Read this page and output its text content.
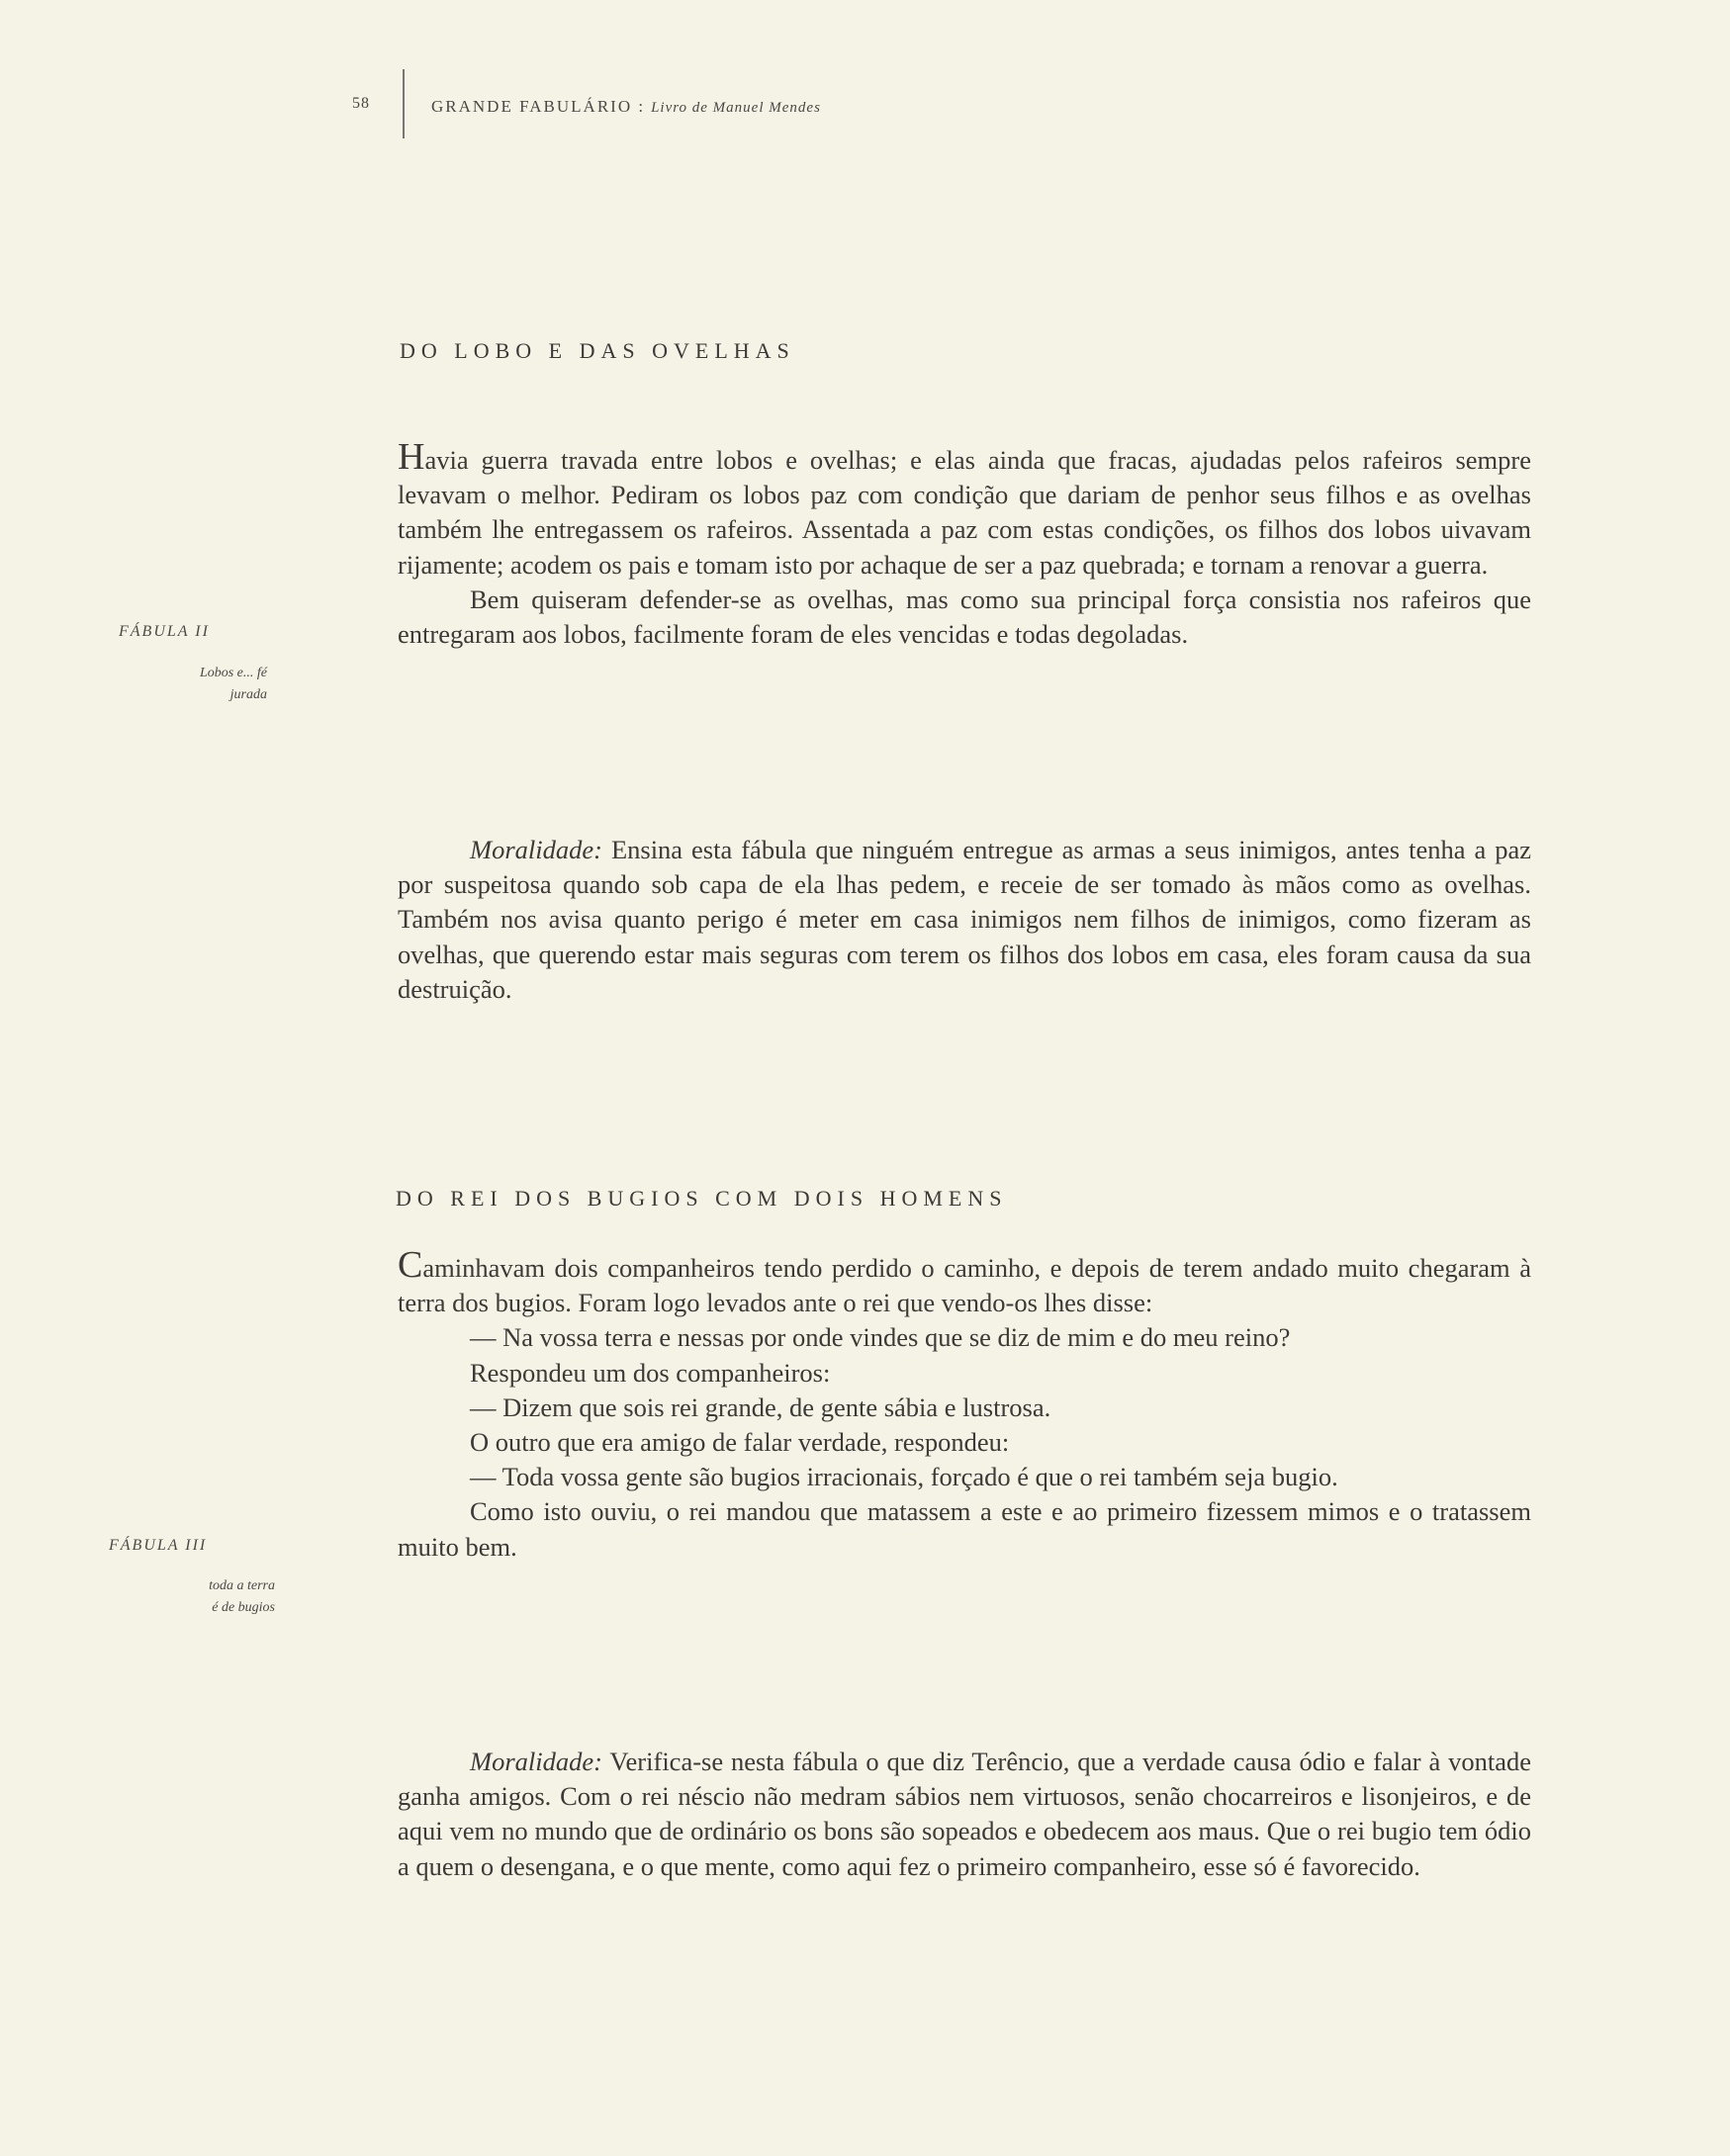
58	GRANDE FABULÁRIO : Livro de Manuel Mendes
DO LOBO E DAS OVELHAS
FÁBULA II
Lobos e... fé
jurada

Havia guerra travada entre lobos e ovelhas; e elas ainda que fracas, ajudadas pelos rafeiros sempre levavam o melhor. Pediram os lobos paz com condição que dariam de penhor seus filhos e as ovelhas também lhe entregassem os rafeiros. Assentada a paz com estas condições, os filhos dos lobos uivavam rijamente; acodem os pais e tomam isto por achaque de ser a paz quebrada; e tornam a renovar a guerra.

Bem quiseram defender-se as ovelhas, mas como sua principal força consistia nos rafeiros que entregaram aos lobos, facilmente foram de eles vencidas e todas degoladas.

Moralidade: Ensina esta fábula que ninguém entregue as armas a seus inimigos, antes tenha a paz por suspeitosa quando sob capa de ela lhas pedem, e receie de ser tomado às mãos como as ovelhas. Também nos avisa quanto perigo é meter em casa inimigos nem filhos de inimigos, como fizeram as ovelhas, que querendo estar mais seguras com terem os filhos dos lobos em casa, eles foram causa da sua destruição.

DO REI DOS BUGIOS COM DOIS HOMENS
FÁBULA III
toda a terra
é de bugios

Caminhavam dois companheiros tendo perdido o caminho, e depois de terem andado muito chegaram à terra dos bugios. Foram logo levados ante o rei que vendo-os lhes disse:

— Na vossa terra e nessas por onde vindes que se diz de mim e do meu reino?

Respondeu um dos companheiros:

— Dizem que sois rei grande, de gente sábia e lustrosa.

O outro que era amigo de falar verdade, respondeu:

— Toda vossa gente são bugios irracionais, forçado é que o rei também seja bugio.

Como isto ouviu, o rei mandou que matassem a este e ao primeiro fizessem mimos e o tratassem muito bem.

Moralidade: Verifica-se nesta fábula o que diz Terêncio, que a verdade causa ódio e falar à vontade ganha amigos. Com o rei néscio não medram sábios nem virtuosos, senão chocarreiros e lisonjeiros, e de aqui vem no mundo que de ordinário os bons são sopeados e obedecem aos maus. Que o rei bugio tem ódio a quem o desengana, e o que mente, como aqui fez o primeiro companheiro, esse só é favorecido.
